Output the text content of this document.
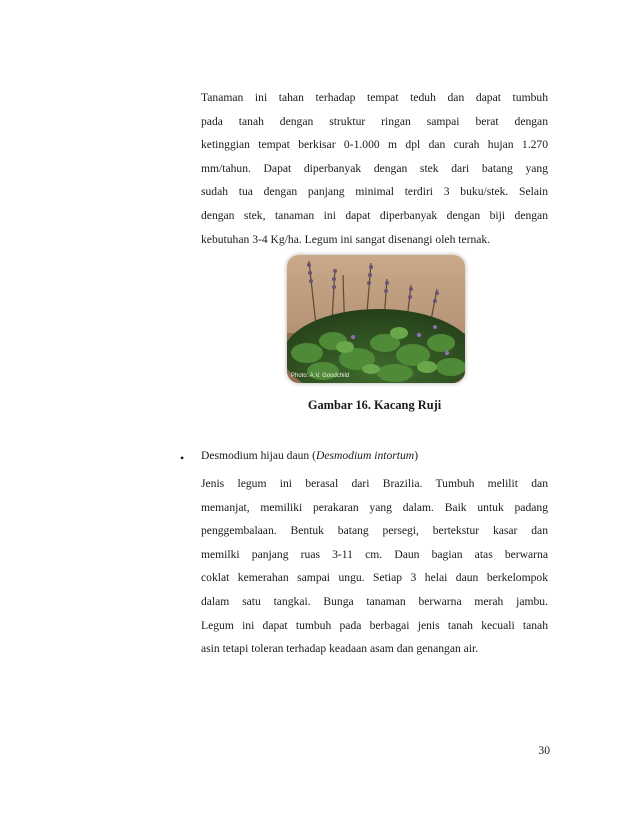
Tanaman ini tahan terhadap tempat teduh dan dapat tumbuh
pada tanah dengan struktur ringan sampai berat dengan
ketinggian tempat berkisar 0-1.000 m dpl dan curah hujan 1.270
mm/tahun. Dapat diperbanyak dengan stek dari batang yang
sudah tua dengan panjang minimal terdiri 3 buku/stek. Selain
dengan stek, tanaman ini dapat diperbanyak dengan biji dengan
kebutuhan 3-4 Kg/ha. Legum ini sangat disenangi oleh ternak.
Photo: A.V. Goodchild
Gambar 16. Kacang Ruji
• Desmodium hijau daun (Desmodium intortum)
Jenis legum ini berasal dari Brazilia. Tumbuh melilit dan
memanjat, memiliki perakaran yang dalam. Baik untuk padang
penggembalaan. Bentuk batang persegi, bertekstur kasar dan
memilki panjang ruas 3-11 cm. Daun bagian atas berwarna
coklat kemerahan sampai ungu. Setiap 3 helai daun berkelompok
dalam satu tangkai. Bunga tanaman berwarna merah jambu.
Legum ini dapat tumbuh pada berbagai jenis tanah kecuali tanah
asin tetapi toleran terhadap keadaan asam dan genangan air.
30
